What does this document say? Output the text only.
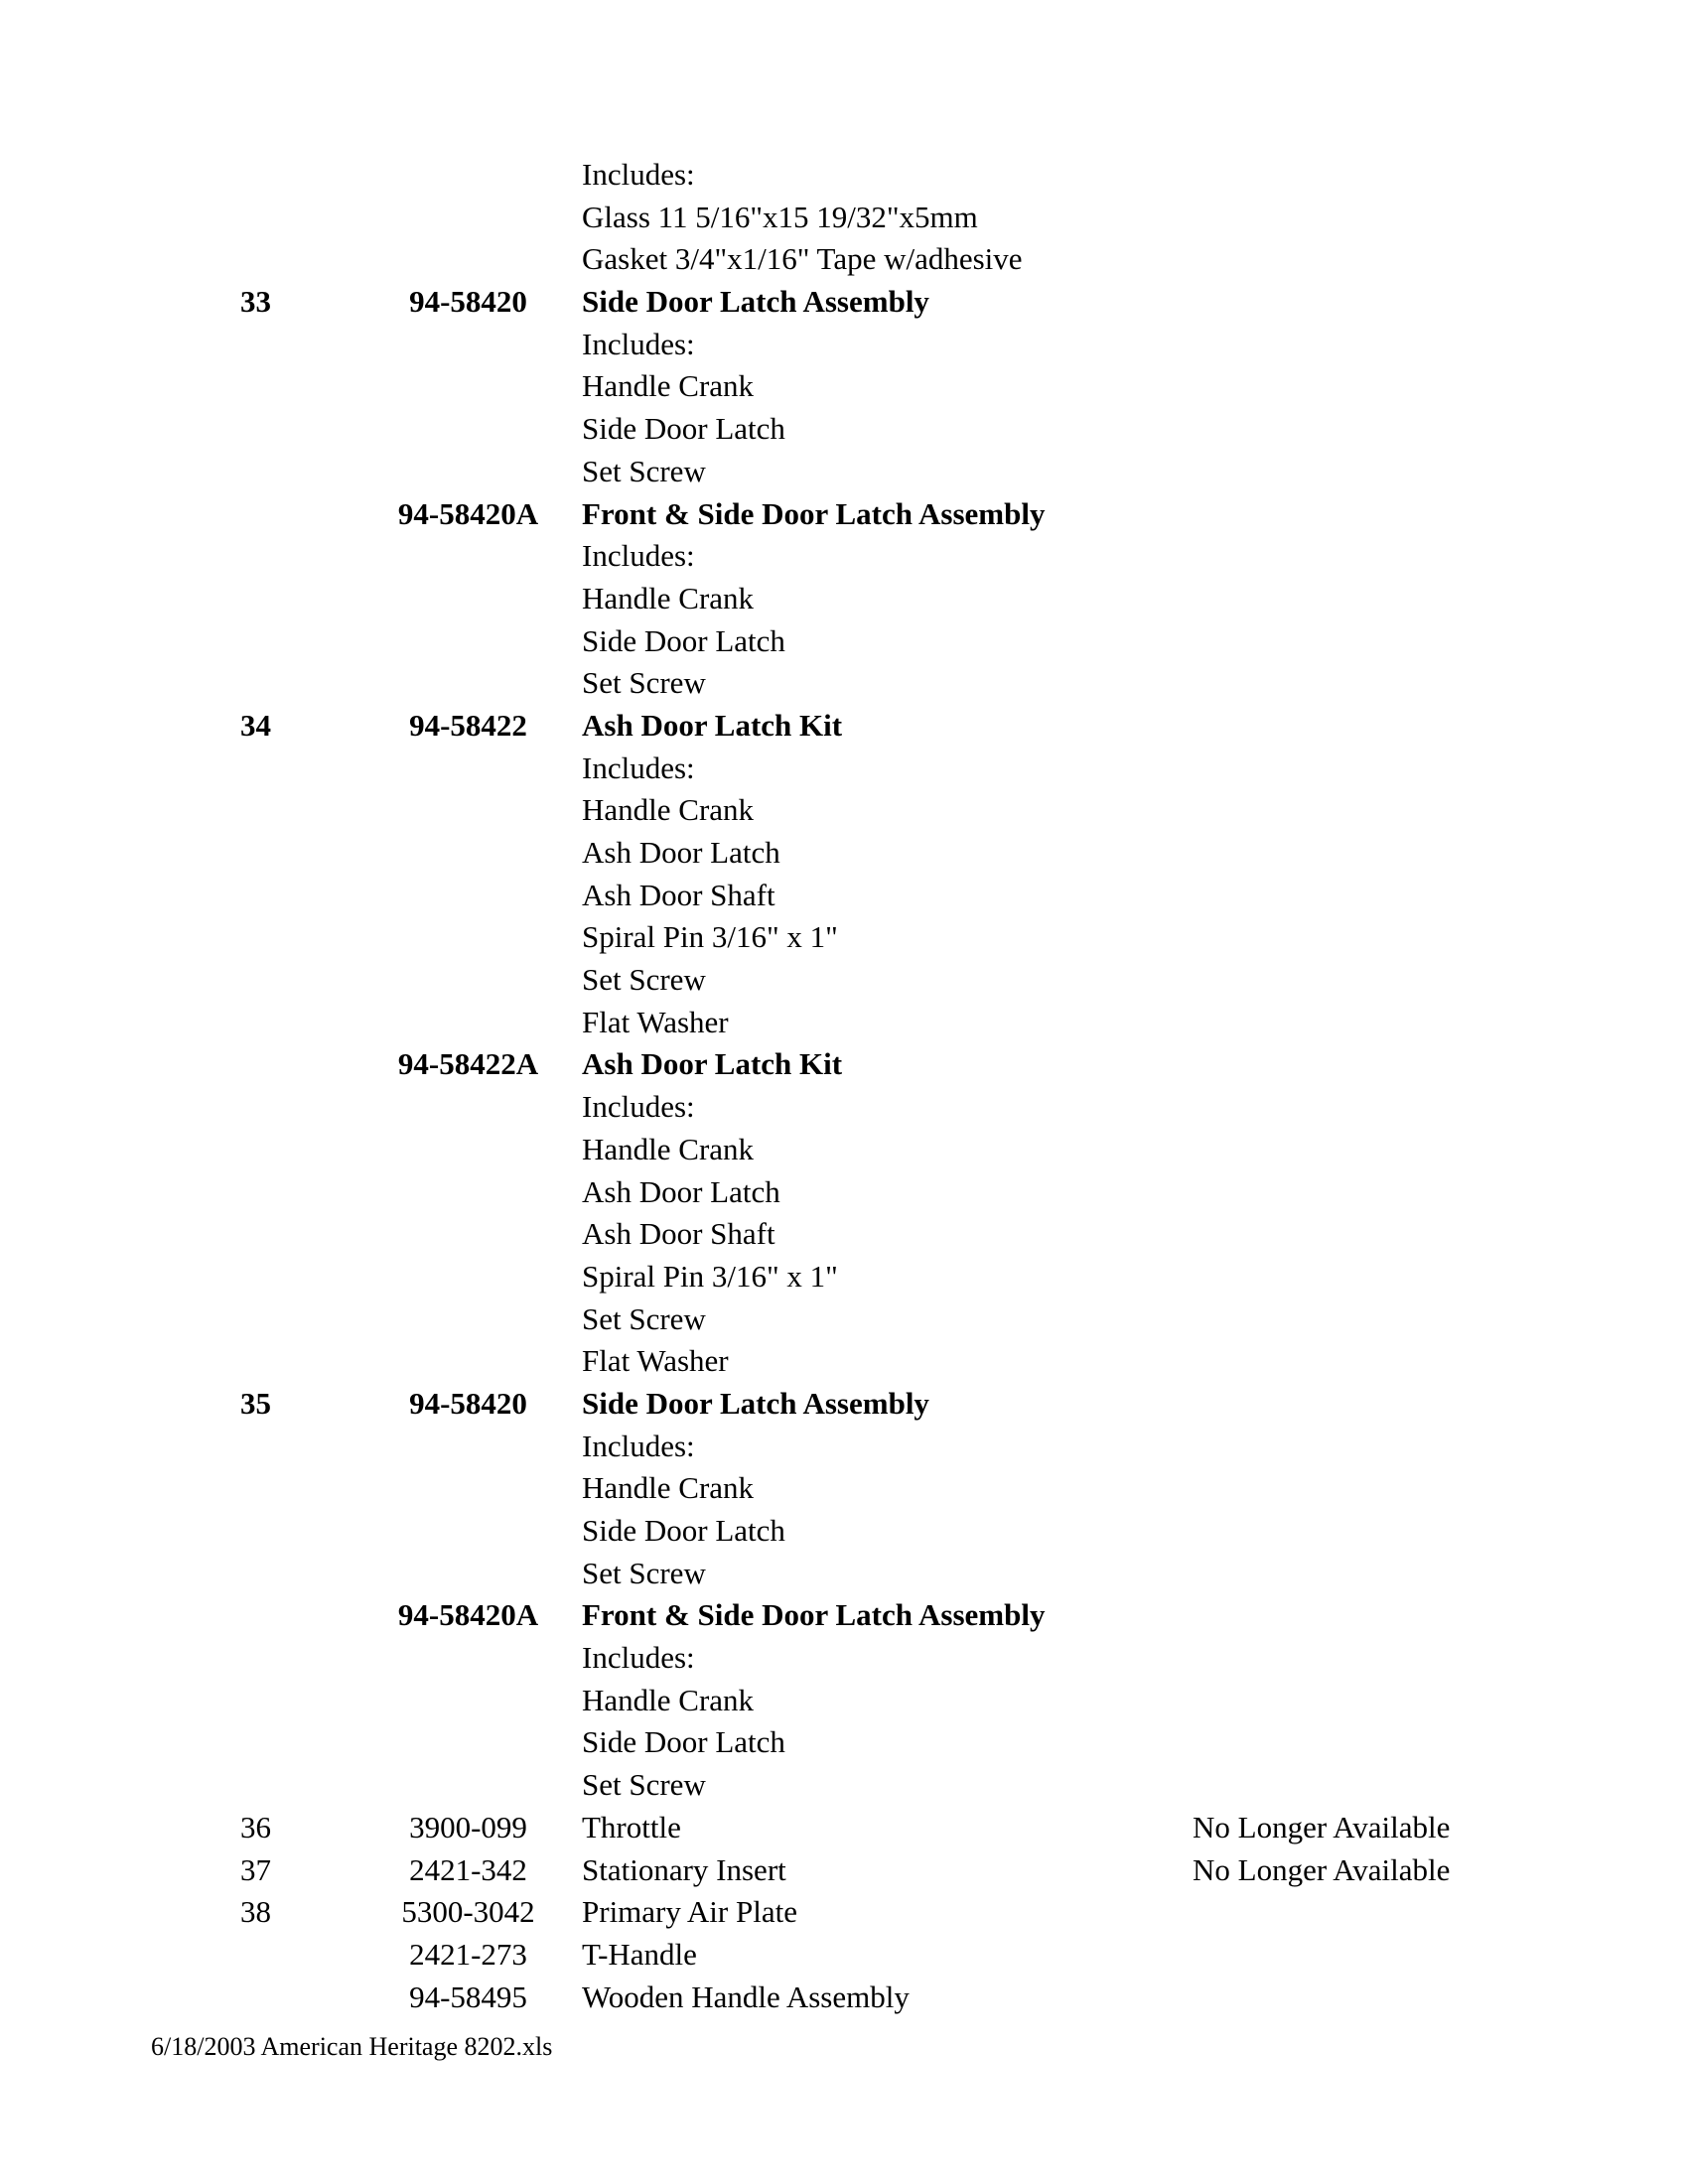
Includes:
Glass 11 5/16"x15 19/32"x5mm
Gasket 3/4"x1/16" Tape w/adhesive
33	94-58420	Side Door Latch Assembly
Includes:
Handle Crank
Side Door Latch
Set Screw
94-58420A	Front & Side Door Latch Assembly
Includes:
Handle Crank
Side Door Latch
Set Screw
34	94-58422	Ash Door Latch Kit
Includes:
Handle Crank
Ash Door Latch
Ash Door Shaft
Spiral Pin 3/16" x 1"
Set Screw
Flat Washer
94-58422A	Ash Door Latch Kit
Includes:
Handle Crank
Ash Door Latch
Ash Door Shaft
Spiral Pin 3/16" x 1"
Set Screw
Flat Washer
35	94-58420	Side Door Latch Assembly
Includes:
Handle Crank
Side Door Latch
Set Screw
94-58420A	Front & Side Door Latch Assembly
Includes:
Handle Crank
Side Door Latch
Set Screw
36	3900-099	Throttle	No Longer Available
37	2421-342	Stationary Insert	No Longer Available
38	5300-3042	Primary Air Plate
2421-273	T-Handle
94-58495	Wooden Handle Assembly
6/18/2003 American Heritage 8202.xls
